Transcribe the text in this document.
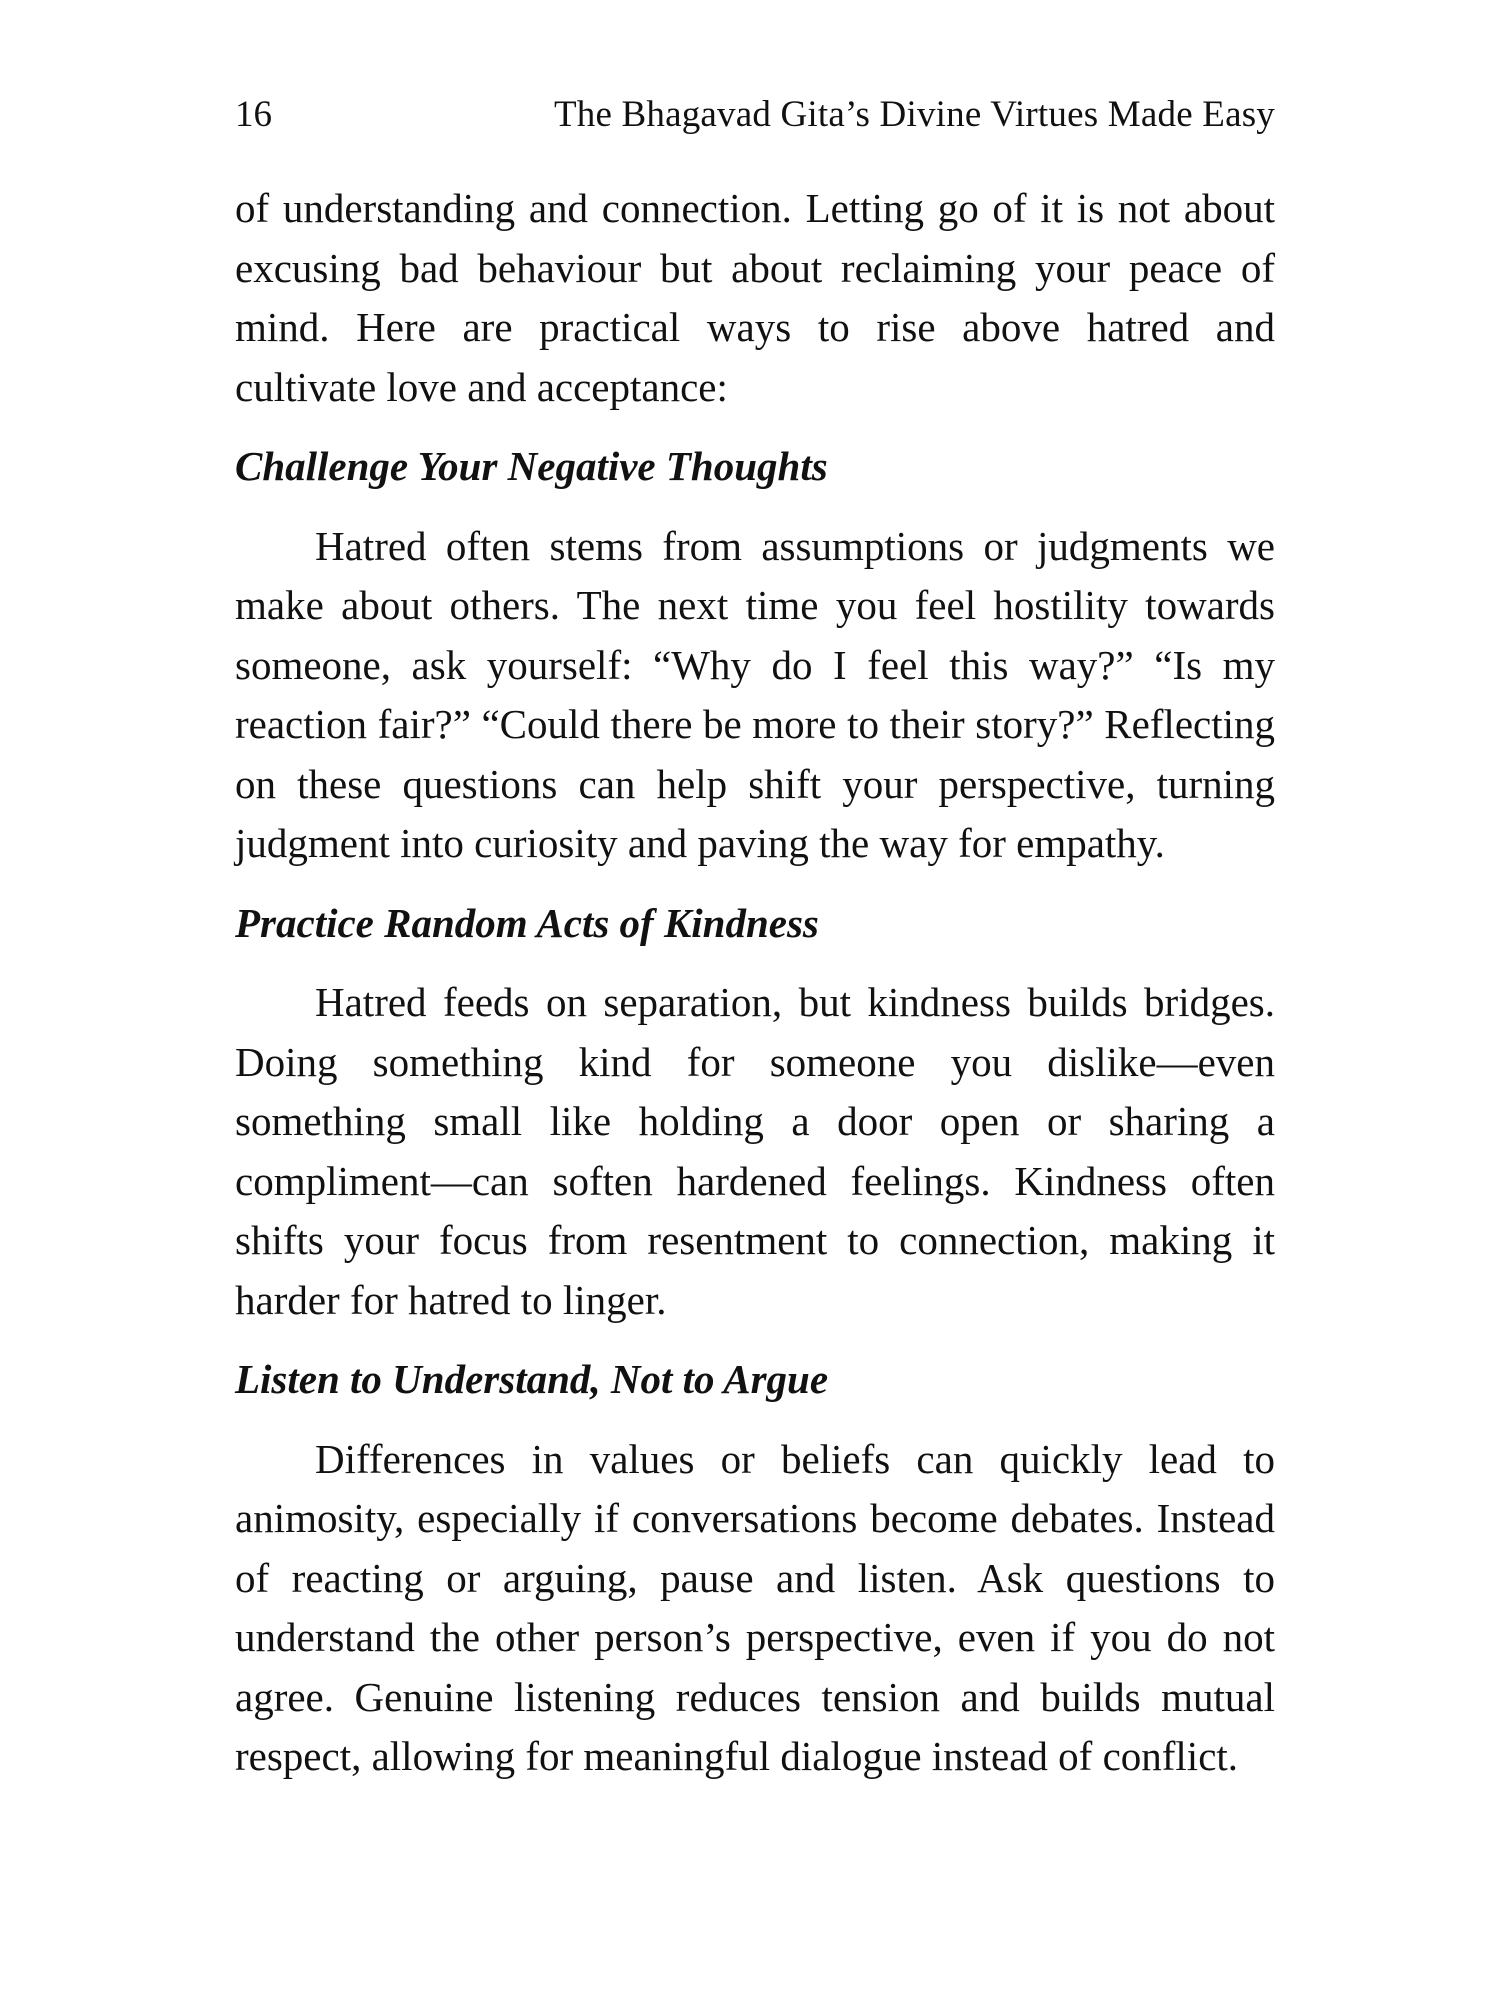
16	The Bhagavad Gita’s Divine Virtues Made Easy

of understanding and connection. Letting go of it is not about excusing bad behaviour but about reclaiming your peace of mind. Here are practical ways to rise above hatred and cultivate love and acceptance:

Challenge Your Negative Thoughts

Hatred often stems from assumptions or judgments we make about others. The next time you feel hostility towards someone, ask yourself: “Why do I feel this way?” “Is my reaction fair?” “Could there be more to their story?” Reflecting on these questions can help shift your perspective, turning judgment into curiosity and paving the way for empathy.

Practice Random Acts of Kindness

Hatred feeds on separation, but kindness builds bridges. Doing something kind for someone you dislike—even something small like holding a door open or sharing a compliment—can soften hardened feelings. Kindness often shifts your focus from resentment to connection, making it harder for hatred to linger.

Listen to Understand, Not to Argue

Differences in values or beliefs can quickly lead to animosity, especially if conversations become debates. Instead of reacting or arguing, pause and listen. Ask questions to understand the other person’s perspective, even if you do not agree. Genuine listening reduces tension and builds mutual respect, allowing for meaningful dialogue instead of conflict.
